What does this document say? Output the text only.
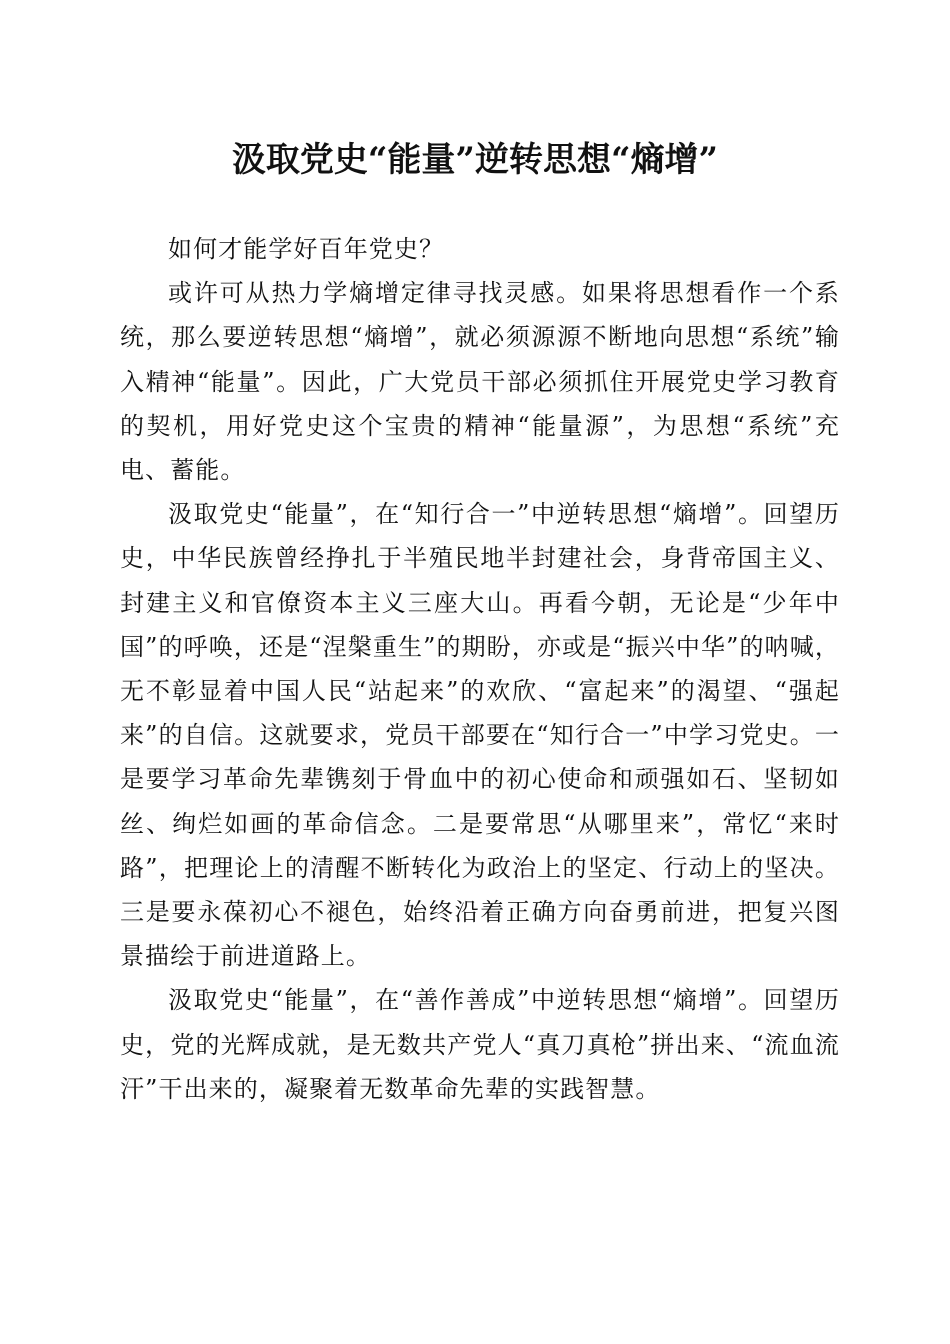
汲取党史“能量”逆转思想“熵增”

如何才能学好百年党史？

或许可从热力学熵增定律寻找灵感。如果将思想看作一个系统，那么要逆转思想“熵增”，就必须源源不断地向思想“系统”输入精神“能量”。因此，广大党员干部必须抓住开展党史学习教育的契机，用好党史这个宝贵的精神“能量源”，为思想“系统”充电、蓄能。

汲取党史“能量”，在“知行合一”中逆转思想“熵增”。回望历史，中华民族曾经挣扎于半殖民地半封建社会，身背帝国主义、封建主义和官僚资本主义三座大山。再看今朝，无论是“少年中国”的呼唤，还是“涅槃重生”的期盼，亦或是“振兴中华”的呐喊，无不彰显着中国人民“站起来”的欢欣、“富起来”的渴望、“强起来”的自信。这就要求，党员干部要在“知行合一”中学习党史。一是要学习革命先辈镌刻于骨血中的初心使命和顽强如石、坚韧如丝、绚烂如画的革命信念。二是要常思“从哪里来”，常忆“来时路”，把理论上的清醒不断转化为政治上的坚定、行动上的坚决。三是要永葆初心不褪色，始终沿着正确方向奋勇前进，把复兴图景描绘于前进道路上。

汲取党史“能量”，在“善作善成”中逆转思想“熵增”。回望历史，党的光辉成就，是无数共产党人“真刀真枪”拼出来、“流血流汗”干出来的，凝聚着无数革命先辈的实践智慧。
